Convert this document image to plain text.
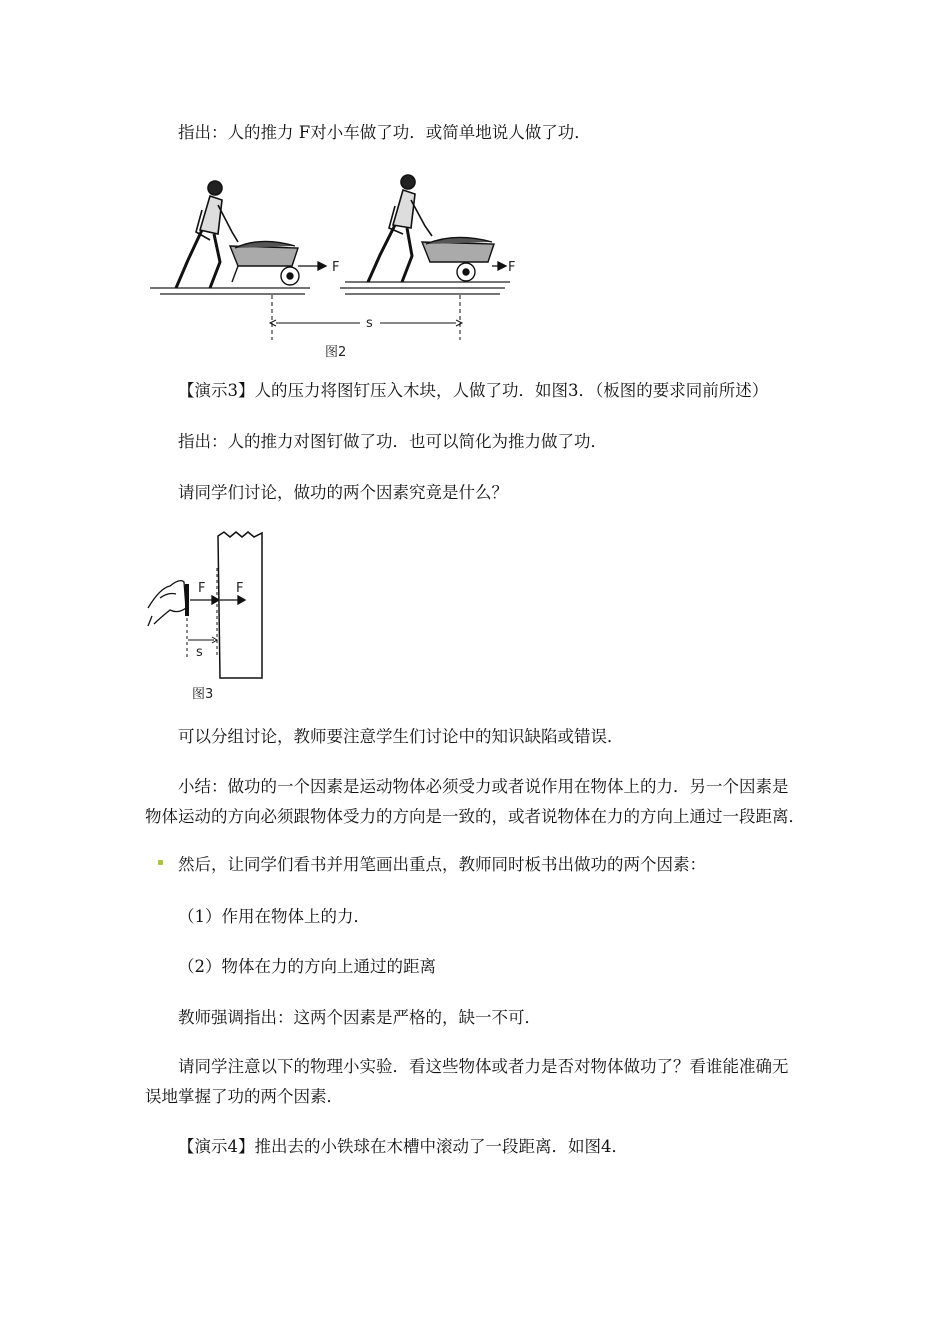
指出：人的推力 F对小车做了功．或简单地说人做了功．
F	F
s
图2
【演示3】人的压力将图钉压入木块，人做了功．如图3．（板图的要求同前所述）
指出：人的推力对图钉做了功．也可以简化为推力做了功．
请同学们讨论，做功的两个因素究竟是什么？
F F
s
图3
可以分组讨论，教师要注意学生们讨论中的知识缺陷或错误．
小结：做功的一个因素是运动物体必须受力或者说作用在物体上的力．另一个因素是
物体运动的方向必须跟物体受力的方向是一致的，或者说物体在力的方向上通过一段距离．
然后，让同学们看书并用笔画出重点，教师同时板书出做功的两个因素：
（1）作用在物体上的力．
（2）物体在力的方向上通过的距离
教师强调指出：这两个因素是严格的，缺一不可．
请同学注意以下的物理小实验．看这些物体或者力是否对物体做功了？看谁能准确无
误地掌握了功的两个因素．
【演示4】推出去的小铁球在木槽中滚动了一段距离．如图4．
